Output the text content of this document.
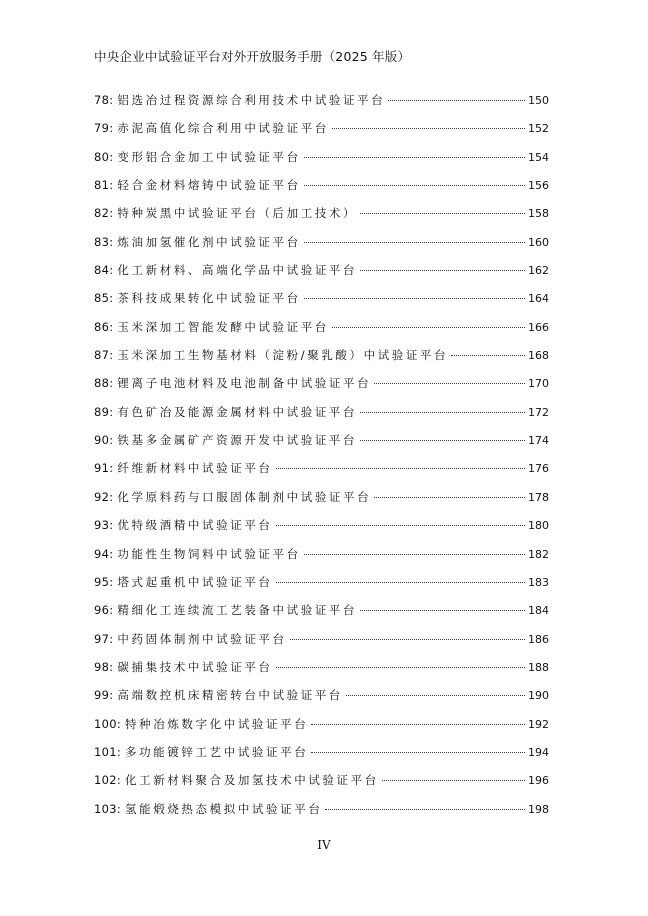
中央企业中试验证平台对外开放服务手册（2025 年版）
78: 铝选冶过程资源综合利用技术中试验证平台	150
79: 赤泥高值化综合利用中试验证平台	152
80: 变形铝合金加工中试验证平台	154
81: 轻合金材料熔铸中试验证平台	156
82: 特种炭黑中试验证平台（后加工技术）	158
83: 炼油加氢催化剂中试验证平台	160
84: 化工新材料、高端化学品中试验证平台	162
85: 茶科技成果转化中试验证平台	164
86: 玉米深加工智能发酵中试验证平台	166
87: 玉米深加工生物基材料（淀粉/聚乳酸）中试验证平台	168
88: 锂离子电池材料及电池制备中试验证平台	170
89: 有色矿冶及能源金属材料中试验证平台	172
90: 铁基多金属矿产资源开发中试验证平台	174
91: 纤维新材料中试验证平台	176
92: 化学原料药与口服固体制剂中试验证平台	178
93: 优特级酒精中试验证平台	180
94: 功能性生物饲料中试验证平台	182
95: 塔式起重机中试验证平台	183
96: 精细化工连续流工艺装备中试验证平台	184
97: 中药固体制剂中试验证平台	186
98: 碳捕集技术中试验证平台	188
99: 高端数控机床精密转台中试验证平台	190
100: 特种冶炼数字化中试验证平台	192
101: 多功能镀锌工艺中试验证平台	194
102: 化工新材料聚合及加氢技术中试验证平台	196
103: 氢能煅烧热态模拟中试验证平台	198
IV
